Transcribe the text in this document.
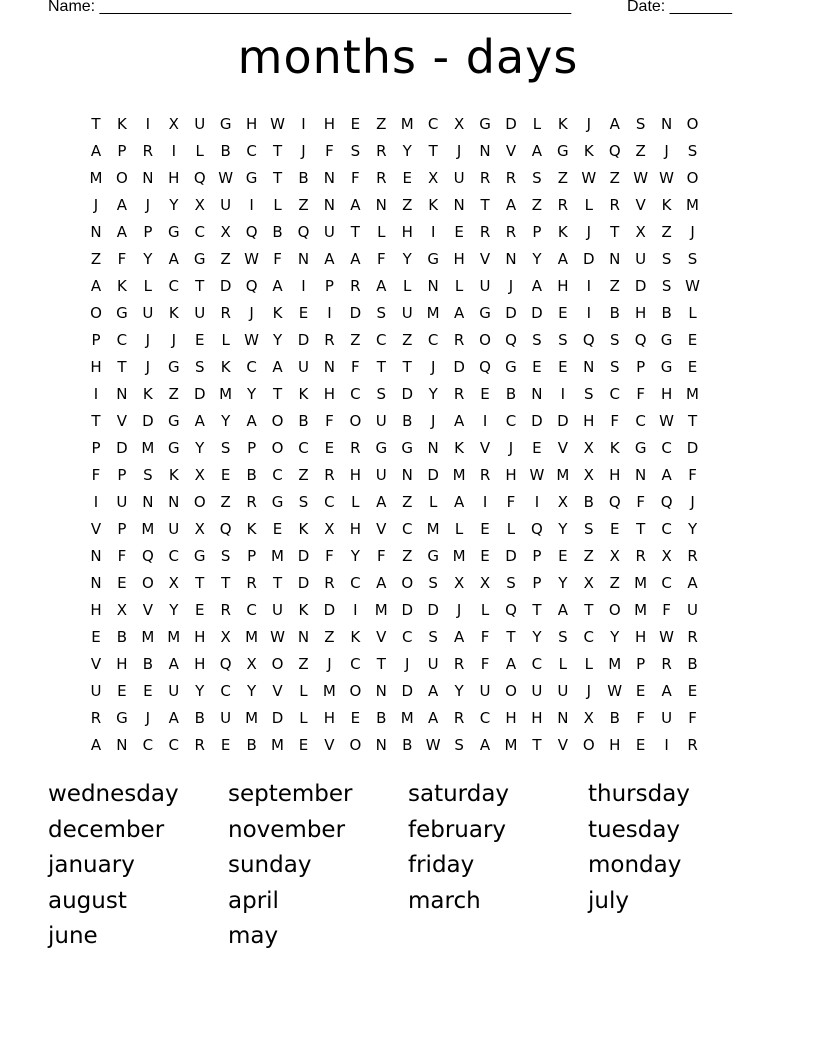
Name: _____________________________________________________	Date: _______
months - days
T	K	I	X	U G H W	I	H	E	Z M C	X G D	L	K	J	A	S	N O
A	P	R	I	L	B	C	T	J	F	S	R	Y	T	J	N	V	A	G	K	Q Z	J	S
M O N H Q W G	T	B	N	F	R	E	X	U	R	R	S	Z W Z W W O
J	A	J	Y	X	U	I	L	Z	N	A	N	Z	K	N	T	A	Z	R	L	R	V	K M
N	A	P	G C	X Q B Q U	T	L	H	I	E	R	R	P	K	J	T	X	Z	J
Z	F	Y	A	G Z W F	N	A	A	F	Y	G H	V	N	Y	A	D N U	S	S
A	K	L	C	T	D Q A	I	P	R	A	L	N	L	U	J	A	H	I	Z	D	S W
O G U	K	U	R	J	K	E	I	D	S	U M A	G D D	E	I	B	H	B	L
P	C	J	J	E	L W Y	D R	Z	C	Z	C	R O Q	S	S	Q	S	Q G	E
H	T	J	G	S	K	C	A	U N	F	T	T	J	D Q G	E	E	N	S	P	G	E
I	N	K	Z	D M Y	T	K	H	C	S	D	Y	R	E	B	N	I	S	C	F	H M
T	V	D G A	Y	A O B	F	O U	B	J	A	I	C D D H	F	C W T
P	D M G	Y	S	P	O C	E	R G G N	K	V	J	E	V	X	K	G C D
F	P	S	K	X	E	B	C	Z	R	H U N D M R	H W M X	H N	A	F
I	U N N O Z	R G	S	C	L	A	Z	L	A	I	F	I	X	B Q	F	Q	J
V	P M U	X Q	K	E	K	X	H	V	C M	L	E	L	Q	Y	S	E	T	C	Y
N	F	Q C G	S	P M D	F	Y	F	Z G M E	D	P	E	Z	X	R	X	R
N	E	O X	T	T	R	T	D R	C	A O	S	X	X	S	P	Y	X	Z M C	A
H	X	V	Y	E	R	C	U	K	D	I	M D D	J	L	Q	T	A	T	O M	F	U
E	B M M H	X M W N	Z	K	V	C	S	A	F	T	Y	S	C	Y	H W R
V	H	B	A	H Q X O Z	J	C	T	J	U	R	F	A	C	L	L	M P	R	B
U	E	E	U	Y	C	Y	V	L	M O N D	A	Y	U O U U	J	W E	A	E
R G	J	A	B	U M D	L	H	E	B M A	R	C	H H N	X	B	F	U	F
A	N	C	C	R	E	B M E	V O N	B W S	A M T	V O H	E	I	R
wednesday	september	saturday	thursday
december	november	february	tuesday
january	sunday	friday	monday
august	april	march	july
june	may
